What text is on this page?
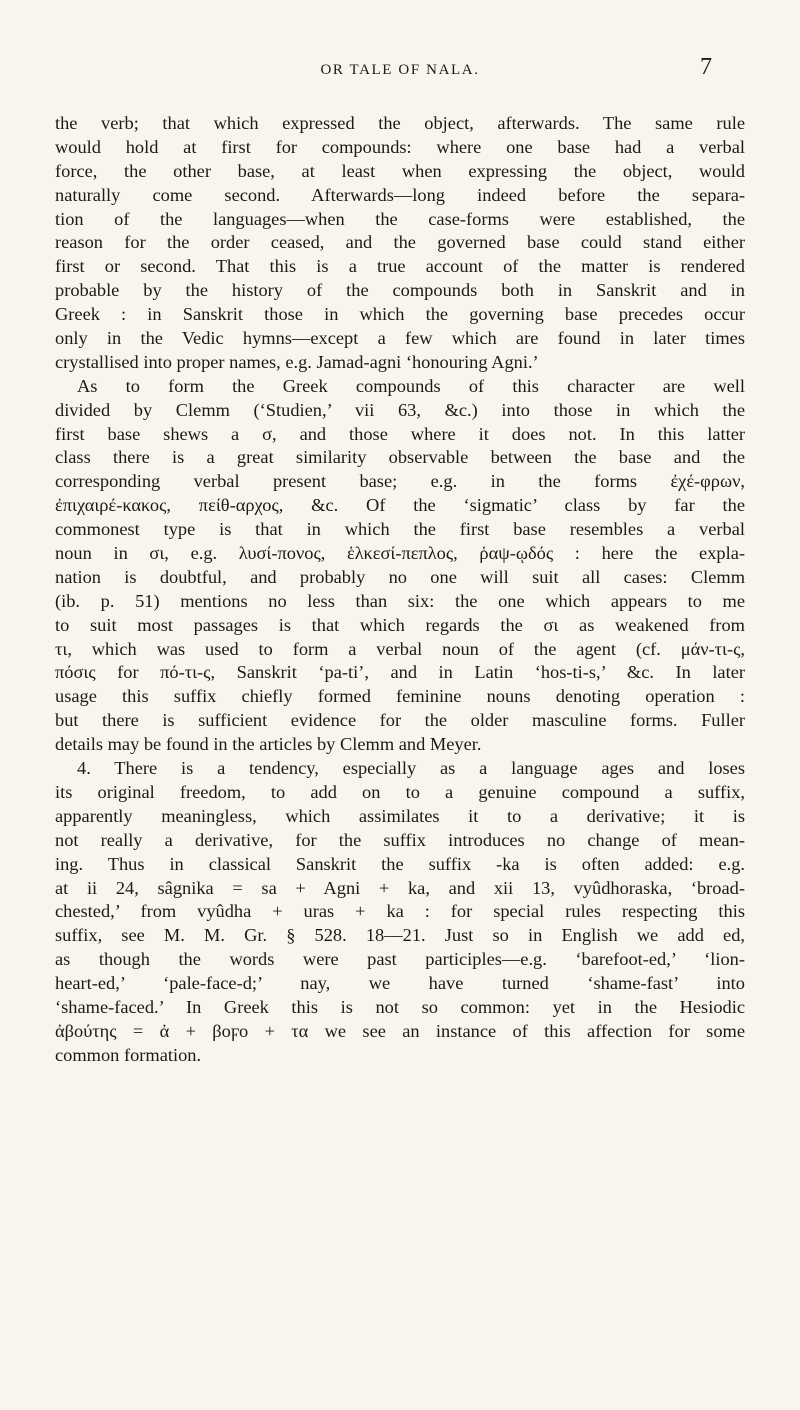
OR TALE OF NALA.	7
the verb; that which expressed the object, afterwards. The same rule
would hold at first for compounds: where one base had a verbal
force, the other base, at least when expressing the object, would
naturally come second. Afterwards—long indeed before the separa-
tion of the languages—when the case-forms were established, the
reason for the order ceased, and the governed base could stand either
first or second. That this is a true account of the matter is rendered
probable by the history of the compounds both in Sanskrit and in
Greek : in Sanskrit those in which the governing base precedes occur
only in the Vedic hymns—except a few which are found in later times
crystallised into proper names, e.g. Jamad-agni ‘honouring Agni.’
As to form the Greek compounds of this character are well
divided by Clemm (‘Studien,’ vii 63, &c.) into those in which the
first base shews a σ, and those where it does not. In this latter
class there is a great similarity observable between the base and the
corresponding verbal present base; e.g. in the forms ἐχέ-φρων,
ἐπιχαιρέ-κακος, πείθ-αρχος, &c. Of the ‘sigmatic’ class by far the
commonest type is that in which the first base resembles a verbal
noun in σι, e.g. λυσί-πονος, ἑλκεσί-πεπλος, ῥαψ-ῳδός : here the expla-
nation is doubtful, and probably no one will suit all cases: Clemm
(ib. p. 51) mentions no less than six: the one which appears to me
to suit most passages is that which regards the σι as weakened from
τι, which was used to form a verbal noun of the agent (cf. μάν-τι-ς,
πόσις for πό-τι-ς, Sanskrit ‘pa-ti’, and in Latin ‘hos-ti-s,’ &c. In later
usage this suffix chiefly formed feminine nouns denoting operation :
but there is sufficient evidence for the older masculine forms. Fuller
details may be found in the articles by Clemm and Meyer.
4. There is a tendency, especially as a language ages and loses
its original freedom, to add on to a genuine compound a suffix,
apparently meaningless, which assimilates it to a derivative; it is
not really a derivative, for the suffix introduces no change of mean-
ing. Thus in classical Sanskrit the suffix -ka is often added: e.g.
at ii 24, sâgnika = sa + Agni + ka, and xii 13, vyûdhoraska, ‘broad-
chested,’ from vyûdha + uras + ka : for special rules respecting this
suffix, see M. M. Gr. § 528. 18—21. Just so in English we add ed,
as though the words were past participles—e.g. ‘barefoot-ed,’ ‘lion-
heart-ed,’ ‘pale-face-d;’ nay, we have turned ‘shame-fast’ into
‘shame-faced.’ In Greek this is not so common: yet in the Hesiodic
ἀβούτης = ἀ + βοϝο + τα we see an instance of this affection for some
common formation.
